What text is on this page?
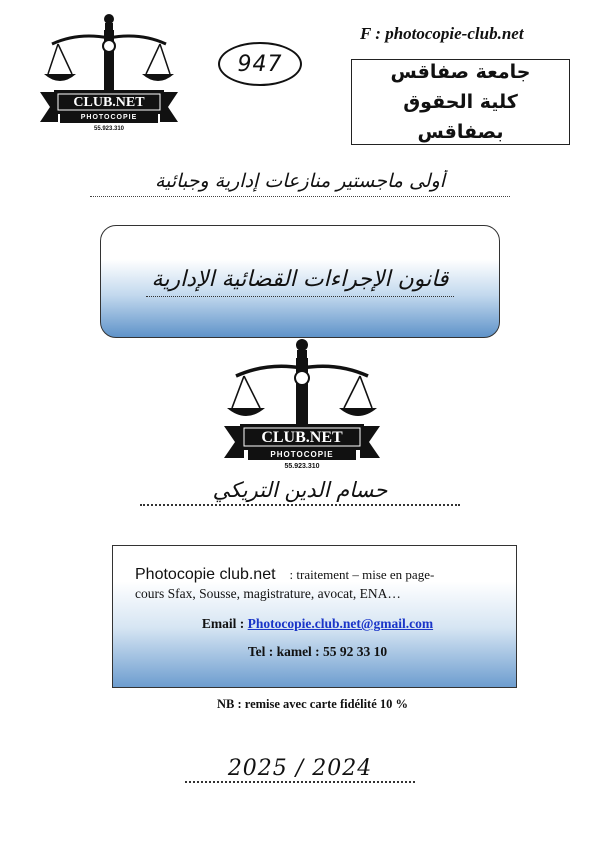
CLUB.NET
PHOTOCOPIE
55.923.310
947
F : photocopie-club.net
جامعة صفاقس
كلية الحقوق بصفاقس
أولى ماجستير منازعات إدارية وجبائية
قانون الإجراءات القضائية الإدارية
CLUB.NET
PHOTOCOPIE
55.923.310
حسام الدين التريكي
Photocopie club.net : traitement – mise en page-
cours Sfax, Sousse, magistrature, avocat, ENA…
Email : Photocopie.club.net@gmail.com
Tel : kamel : 55 92 33 10
NB : remise avec carte fidélité 10 %
2025 / 2024
